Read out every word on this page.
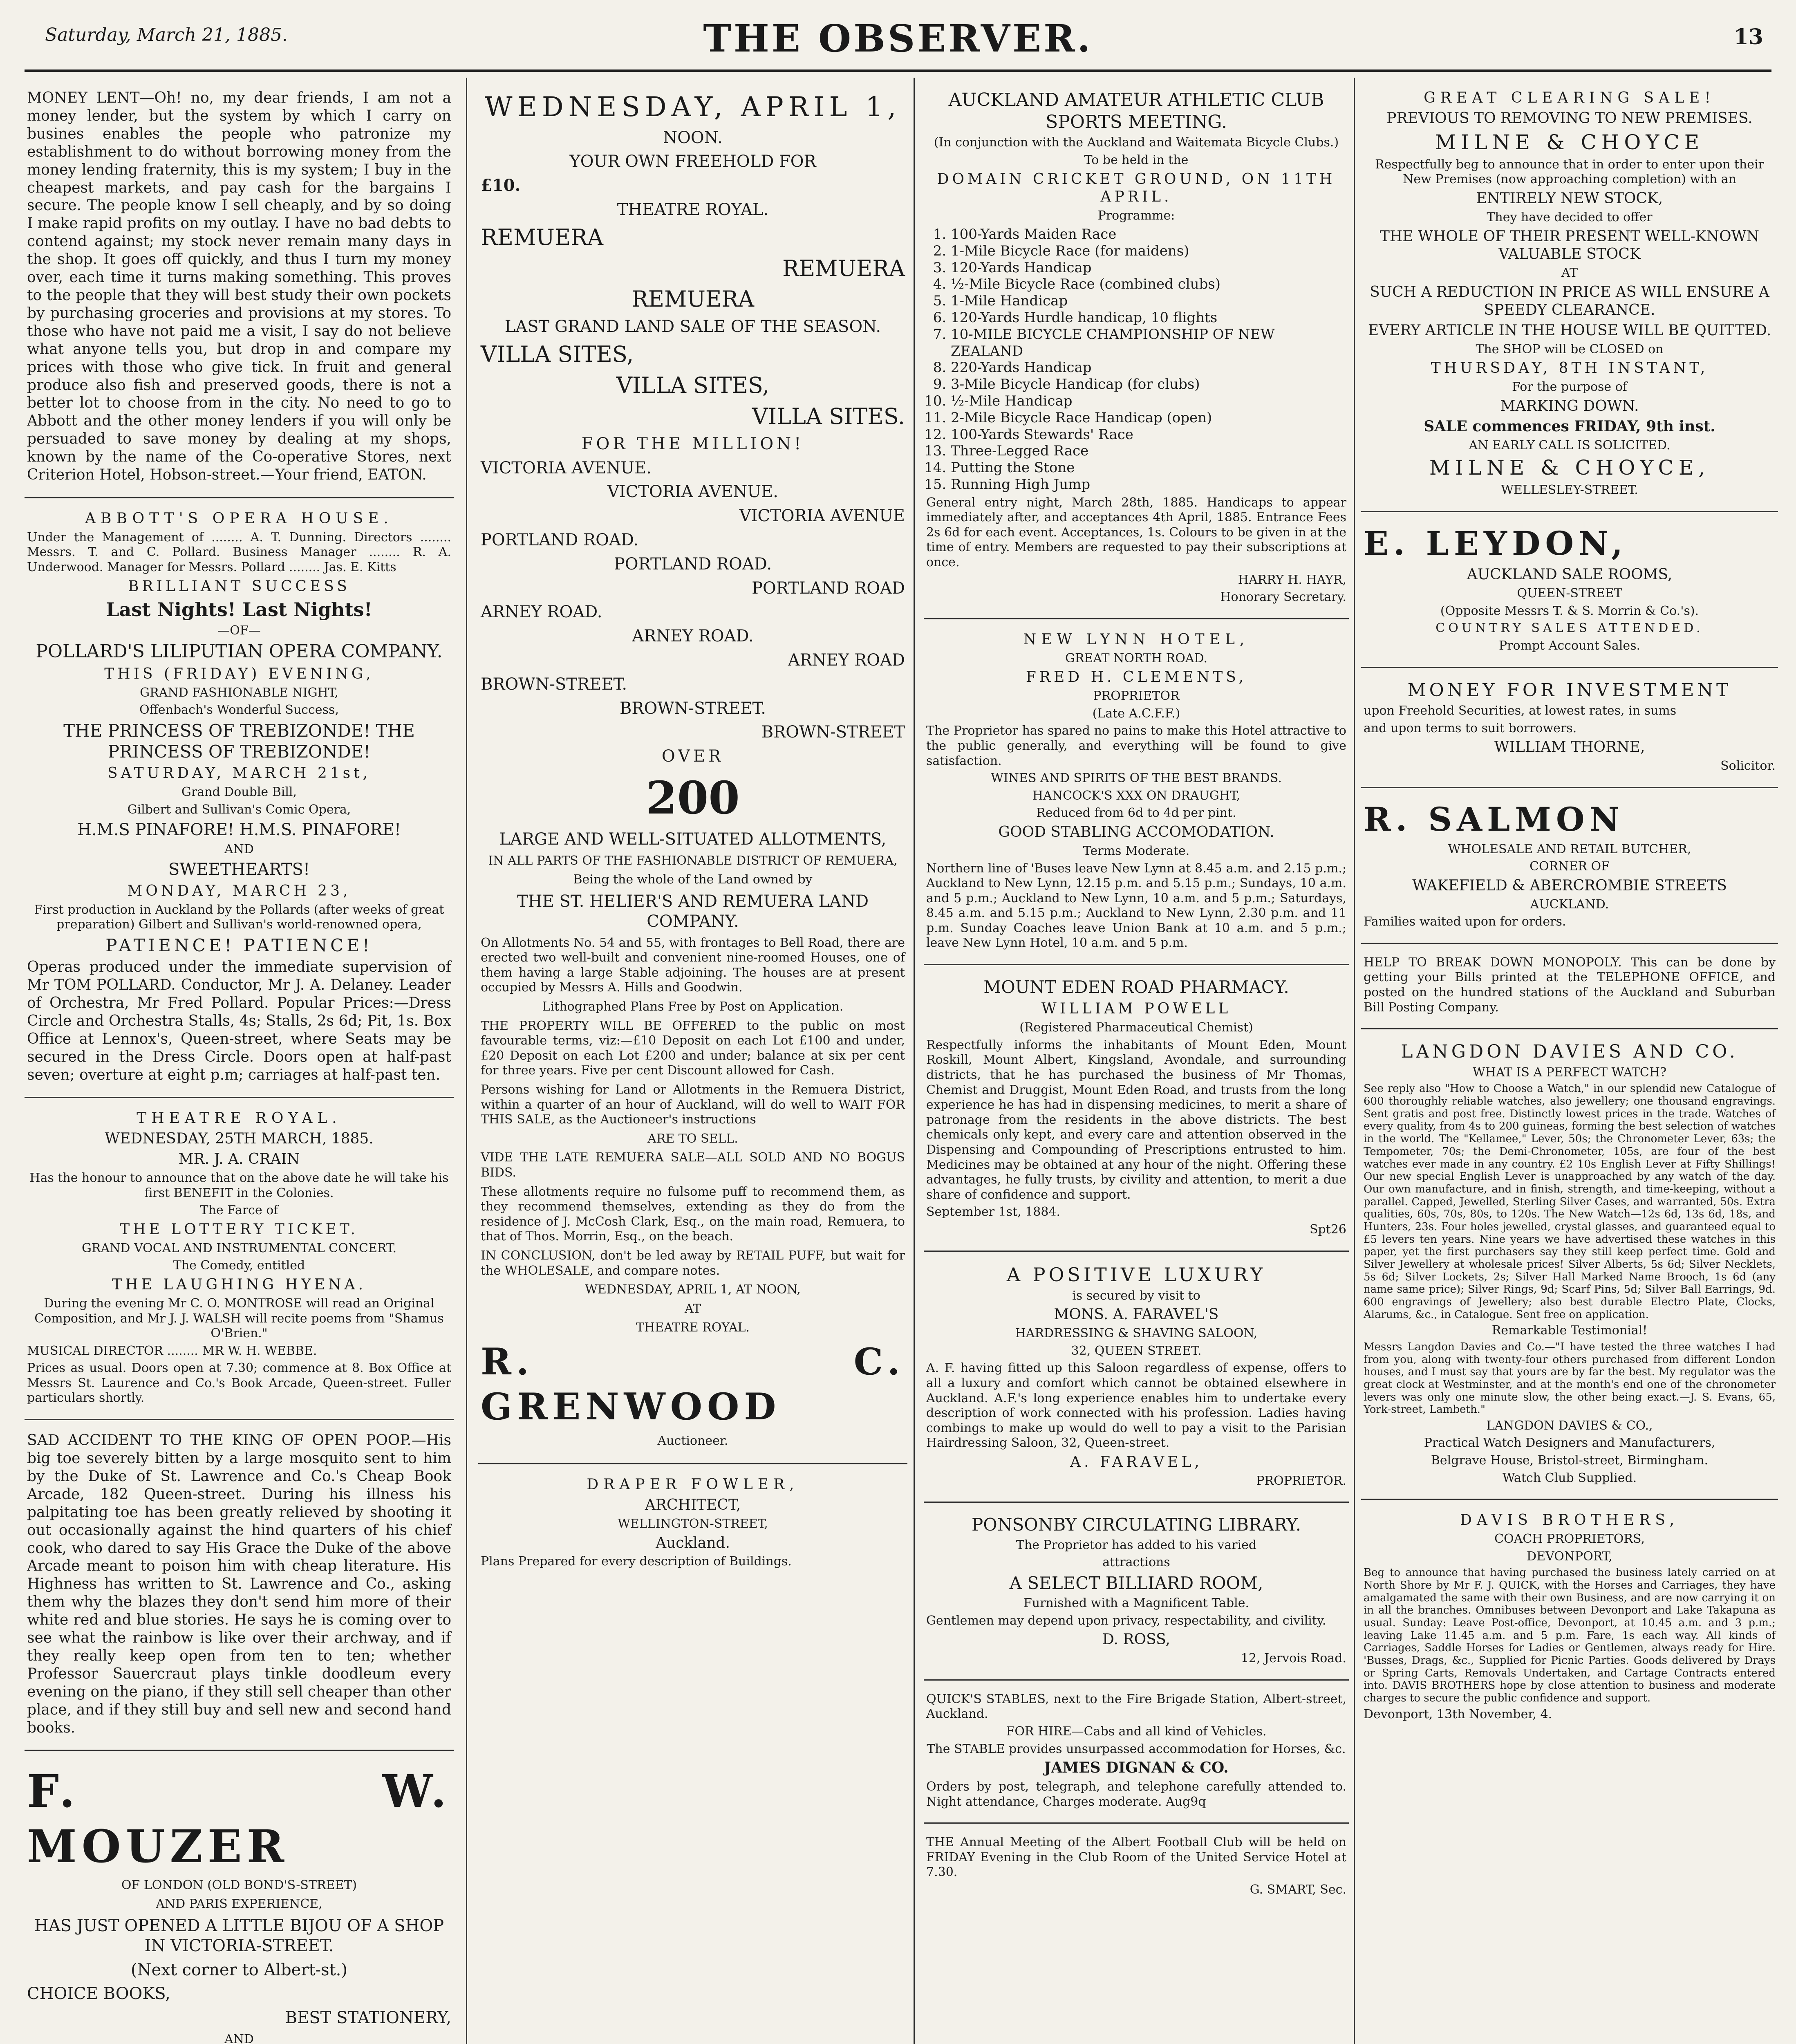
Saturday, March 21, 1885.	THE OBSERVER.	13

MONEY LENT—Oh! no, my dear friends, I am not a money lender, but the system by which I carry on busines enables the people who patronize my establishment to do without borrowing money from the money lending fraternity, this is my system; I buy in the cheapest markets, and pay cash for the bargains I secure. The people know I sell cheaply, and by so doing I make rapid profits on my outlay. I have no bad debts to contend against; my stock never remain many days in the shop. It goes off quickly, and thus I turn my money over, each time it turns making something. This proves to the people that they will best study their own pockets by purchasing groceries and provisions at my stores. To those who have not paid me a visit, I say do not believe what anyone tells you, but drop in and compare my prices with those who give tick. In fruit and general produce also fish and preserved goods, there is not a better lot to choose from in the city. No need to go to Abbott and the other money lenders if you will only be persuaded to save money by dealing at my shops, known by the name of the Co-operative Stores, next Criterion Hotel, Hobson-street.—Your friend, EATON.

ABBOTT'S OPERA HOUSE.

Under the Management of ........ A. T. Dunning. Directors ........ Messrs. T. and C. Pollard. Business Manager ........ R. A. Underwood. Manager for Messrs. Pollard ........ Jas. E. Kitts

BRILLIANT SUCCESS

Last Nights! Last Nights!

—OF—

POLLARD'S LILIPUTIAN OPERA COMPANY.

THIS (FRIDAY) EVENING,

GRAND FASHIONABLE NIGHT,

Offenbach's Wonderful Success,

THE PRINCESS OF TREBIZONDE! THE PRINCESS OF TREBIZONDE!

SATURDAY, MARCH 21st,

Grand Double Bill,

Gilbert and Sullivan's Comic Opera,

H.M.S PINAFORE! H.M.S. PINAFORE!

AND

SWEETHEARTS!

MONDAY, MARCH 23,

First production in Auckland by the Pollards (after weeks of great preparation) Gilbert and Sullivan's world-renowned opera,

PATIENCE! PATIENCE!

Operas produced under the immediate supervision of Mr TOM POLLARD. Conductor, Mr J. A. Delaney. Leader of Orchestra, Mr Fred Pollard. Popular Prices:—Dress Circle and Orchestra Stalls, 4s; Stalls, 2s 6d; Pit, 1s. Box Office at Lennox's, Queen-street, where Seats may be secured in the Dress Circle. Doors open at half-past seven; overture at eight p.m; carriages at half-past ten.

THEATRE ROYAL.

WEDNESDAY, 25TH MARCH, 1885.

MR. J. A. CRAIN

Has the honour to announce that on the above date he will take his first BENEFIT in the Colonies.

The Farce of

THE LOTTERY TICKET.

GRAND VOCAL AND INSTRUMENTAL CONCERT.

The Comedy, entitled

THE LAUGHING HYENA.

During the evening Mr C. O. MONTROSE will read an Original Composition, and Mr J. J. WALSH will recite poems from "Shamus O'Brien."

MUSICAL DIRECTOR ........ MR W. H. WEBBE.

Prices as usual. Doors open at 7.30; commence at 8. Box Office at Messrs St. Laurence and Co.'s Book Arcade, Queen-street. Fuller particulars shortly.

SAD ACCIDENT TO THE KING OF OPEN POOP.—His big toe severely bitten by a large mosquito sent to him by the Duke of St. Lawrence and Co.'s Cheap Book Arcade, 182 Queen-street. During his illness his palpitating toe has been greatly relieved by shooting it out occasionally against the hind quarters of his chief cook, who dared to say His Grace the Duke of the above Arcade meant to poison him with cheap literature. His Highness has written to St. Lawrence and Co., asking them why the blazes they don't send him more of their white red and blue stories. He says he is coming over to see what the rainbow is like over their archway, and if they really keep open from ten to ten; whether Professor Sauercraut plays tinkle doodleum every evening on the piano, if they still sell cheaper than other place, and if they still buy and sell new and second hand books.

F. W. MOUZER

OF LONDON (OLD BOND'S-STREET)

AND PARIS EXPERIENCE,

HAS JUST OPENED A LITTLE BIJOU OF A SHOP IN VICTORIA-STREET.

(Next corner to Albert-st.)

CHOICE BOOKS,

BEST STATIONERY,

AND

WEDNESDAY, APRIL 1,

NOON.

YOUR OWN FREEHOLD FOR

£10.

THEATRE ROYAL.

REMUERA

REMUERA

REMUERA

LAST GRAND LAND SALE OF THE SEASON.

VILLA SITES,

VILLA SITES,

VILLA SITES.

FOR THE MILLION!

VICTORIA AVENUE.

VICTORIA AVENUE.

VICTORIA AVENUE

PORTLAND ROAD.

PORTLAND ROAD.

PORTLAND ROAD

ARNEY ROAD.

ARNEY ROAD.

ARNEY ROAD

BROWN-STREET.

BROWN-STREET.

BROWN-STREET

OVER

200

LARGE AND WELL-SITUATED ALLOTMENTS,

IN ALL PARTS OF THE FASHIONABLE DISTRICT OF REMUERA,

Being the whole of the Land owned by

THE ST. HELIER'S AND REMUERA LAND COMPANY.

On Allotments No. 54 and 55, with frontages to Bell Road, there are erected two well-built and convenient nine-roomed Houses, one of them having a large Stable adjoining. The houses are at present occupied by Messrs A. Hills and Goodwin.

Lithographed Plans Free by Post on Application.

THE PROPERTY WILL BE OFFERED to the public on most favourable terms, viz:—£10 Deposit on each Lot £100 and under, £20 Deposit on each Lot £200 and under; balance at six per cent for three years. Five per cent Discount allowed for Cash.

Persons wishing for Land or Allotments in the Remuera District, within a quarter of an hour of Auckland, will do well to WAIT FOR THIS SALE, as the Auctioneer's instructions

ARE TO SELL.

VIDE THE LATE REMUERA SALE—ALL SOLD AND NO BOGUS BIDS.

These allotments require no fulsome puff to recommend them, as they recommend themselves, extending as they do from the residence of J. McCosh Clark, Esq., on the main road, Remuera, to that of Thos. Morrin, Esq., on the beach.

IN CONCLUSION, don't be led away by RETAIL PUFF, but wait for the WHOLESALE, and compare notes.

WEDNESDAY, APRIL 1, AT NOON,

AT

THEATRE ROYAL.

R. C. GRENWOOD

Auctioneer.

DRAPER FOWLER,

ARCHITECT,

WELLINGTON-STREET,

Auckland.

Plans Prepared for every description of Buildings.

AUCKLAND AMATEUR ATHLETIC CLUB SPORTS MEETING.

(In conjunction with the Auckland and Waitemata Bicycle Clubs.)

To be held in the

DOMAIN CRICKET GROUND, ON 11TH APRIL.

Programme:

1. 100-Yards Maiden Race
2. 1-Mile Bicycle Race (for maidens)
3. 120-Yards Handicap
4. ½-Mile Bicycle Race (combined clubs)
5. 1-Mile Handicap
6. 120-Yards Hurdle handicap, 10 flights
7. 10-MILE BICYCLE CHAMPIONSHIP OF NEW ZEALAND
8. 220-Yards Handicap
9. 3-Mile Bicycle Handicap (for clubs)
10. ½-Mile Handicap
11. 2-Mile Bicycle Race Handicap (open)
12. 100-Yards Stewards' Race
13. Three-Legged Race
14. Putting the Stone
15. Running High Jump

General entry night, March 28th, 1885. Handicaps to appear immediately after, and acceptances 4th April, 1885. Entrance Fees 2s 6d for each event. Acceptances, 1s. Colours to be given in at the time of entry. Members are requested to pay their subscriptions at once.

HARRY H. HAYR,

Honorary Secretary.

NEW LYNN HOTEL,

GREAT NORTH ROAD.

FRED H. CLEMENTS,

PROPRIETOR

(Late A.C.F.F.)

The Proprietor has spared no pains to make this Hotel attractive to the public generally, and everything will be found to give satisfaction.

WINES AND SPIRITS OF THE BEST BRANDS.

HANCOCK'S XXX ON DRAUGHT,

Reduced from 6d to 4d per pint.

GOOD STABLING ACCOMODATION.

Terms Moderate.

Northern line of 'Buses leave New Lynn at 8.45 a.m. and 2.15 p.m.; Auckland to New Lynn, 12.15 p.m. and 5.15 p.m.; Sundays, 10 a.m. and 5 p.m.; Auckland to New Lynn, 10 a.m. and 5 p.m.; Saturdays, 8.45 a.m. and 5.15 p.m.; Auckland to New Lynn, 2.30 p.m. and 11 p.m. Sunday Coaches leave Union Bank at 10 a.m. and 5 p.m.; leave New Lynn Hotel, 10 a.m. and 5 p.m.

MOUNT EDEN ROAD PHARMACY.

WILLIAM POWELL

(Registered Pharmaceutical Chemist)

Respectfully informs the inhabitants of Mount Eden, Mount Roskill, Mount Albert, Kingsland, Avondale, and surrounding districts, that he has purchased the business of Mr Thomas, Chemist and Druggist, Mount Eden Road, and trusts from the long experience he has had in dispensing medicines, to merit a share of patronage from the residents in the above districts. The best chemicals only kept, and every care and attention observed in the Dispensing and Compounding of Prescriptions entrusted to him. Medicines may be obtained at any hour of the night. Offering these advantages, he fully trusts, by civility and attention, to merit a due share of confidence and support.

September 1st, 1884.

Spt26

A POSITIVE LUXURY

is secured by visit to

MONS. A. FARAVEL'S

HARDRESSING & SHAVING SALOON,

32, QUEEN STREET.

A. F. having fitted up this Saloon regardless of expense, offers to all a luxury and comfort which cannot be obtained elsewhere in Auckland. A.F.'s long experience enables him to undertake every description of work connected with his profession. Ladies having combings to make up would do well to pay a visit to the Parisian Hairdressing Saloon, 32, Queen-street.

A. FARAVEL,

PROPRIETOR.

PONSONBY CIRCULATING LIBRARY.

The Proprietor has added to his varied

attractions

A SELECT BILLIARD ROOM,

Furnished with a Magnificent Table.

Gentlemen may depend upon privacy, respectability, and civility.

D. ROSS,

12, Jervois Road.

QUICK'S STABLES, next to the Fire Brigade Station, Albert-street, Auckland.

FOR HIRE—Cabs and all kind of Vehicles.

The STABLE provides unsurpassed accommodation for Horses, &c.

JAMES DIGNAN & CO.

Orders by post, telegraph, and telephone carefully attended to. Night attendance, Charges moderate. Aug9q

THE Annual Meeting of the Albert Football Club will be held on FRIDAY Evening in the Club Room of the United Service Hotel at 7.30.

G. SMART, Sec.

GREAT CLEARING SALE!

PREVIOUS TO REMOVING TO NEW PREMISES.

MILNE & CHOYCE

Respectfully beg to announce that in order to enter upon their New Premises (now approaching completion) with an

ENTIRELY NEW STOCK,

They have decided to offer

THE WHOLE OF THEIR PRESENT WELL-KNOWN VALUABLE STOCK

AT

SUCH A REDUCTION IN PRICE AS WILL ENSURE A SPEEDY CLEARANCE.

EVERY ARTICLE IN THE HOUSE WILL BE QUITTED.

The SHOP will be CLOSED on

THURSDAY, 8TH INSTANT,

For the purpose of

MARKING DOWN.

SALE commences FRIDAY, 9th inst.

AN EARLY CALL IS SOLICITED.

MILNE & CHOYCE,

WELLESLEY-STREET.

E. LEYDON,

AUCKLAND SALE ROOMS,

QUEEN-STREET

(Opposite Messrs T. & S. Morrin & Co.'s).

COUNTRY SALES ATTENDED.

Prompt Account Sales.

MONEY FOR INVESTMENT

upon Freehold Securities, at lowest rates, in sums

and upon terms to suit borrowers.

WILLIAM THORNE,

Solicitor.

R. SALMON

WHOLESALE AND RETAIL BUTCHER,

CORNER OF

WAKEFIELD & ABERCROMBIE STREETS

AUCKLAND.

Families waited upon for orders.

HELP TO BREAK DOWN MONOPOLY. This can be done by getting your Bills printed at the TELEPHONE OFFICE, and posted on the hundred stations of the Auckland and Suburban Bill Posting Company.

LANGDON DAVIES AND CO.

WHAT IS A PERFECT WATCH?

See reply also "How to Choose a Watch," in our splendid new Catalogue of 600 thoroughly reliable watches, also jewellery; one thousand engravings. Sent gratis and post free. Distinctly lowest prices in the trade. Watches of every quality, from 4s to 200 guineas, forming the best selection of watches in the world. The "Kellamee," Lever, 50s; the Chronometer Lever, 63s; the Tempometer, 70s; the Demi-Chronometer, 105s, are four of the best watches ever made in any country. £2 10s English Lever at Fifty Shillings! Our new special English Lever is unapproached by any watch of the day. Our own manufacture, and in finish, strength, and time-keeping, without a parallel. Capped, Jewelled, Sterling Silver Cases, and warranted, 50s. Extra qualities, 60s, 70s, 80s, to 120s. The New Watch—12s 6d, 13s 6d, 18s, and Hunters, 23s. Four holes jewelled, crystal glasses, and guaranteed equal to £5 levers ten years. Nine years we have advertised these watches in this paper, yet the first purchasers say they still keep perfect time. Gold and Silver Jewellery at wholesale prices! Silver Alberts, 5s 6d; Silver Necklets, 5s 6d; Silver Lockets, 2s; Silver Hall Marked Name Brooch, 1s 6d (any name same price); Silver Rings, 9d; Scarf Pins, 5d; Silver Ball Earrings, 9d. 600 engravings of Jewellery; also best durable Electro Plate, Clocks, Alarums, &c., in Catalogue. Sent free on application.

Remarkable Testimonial!

Messrs Langdon Davies and Co.—"I have tested the three watches I had from you, along with twenty-four others purchased from different London houses, and I must say that yours are by far the best. My regulator was the great clock at Westminster, and at the month's end one of the chronometer levers was only one minute slow, the other being exact.—J. S. Evans, 65, York-street, Lambeth."

LANGDON DAVIES & CO.,

Practical Watch Designers and Manufacturers,

Belgrave House, Bristol-street, Birmingham.

Watch Club Supplied.

DAVIS BROTHERS,

COACH PROPRIETORS,

DEVONPORT,

Beg to announce that having purchased the business lately carried on at North Shore by Mr F. J. QUICK, with the Horses and Carriages, they have amalgamated the same with their own Business, and are now carrying it on in all the branches. Omnibuses between Devonport and Lake Takapuna as usual. Sunday: Leave Post-office, Devonport, at 10.45 a.m. and 3 p.m.; leaving Lake 11.45 a.m. and 5 p.m. Fare, 1s each way. All kinds of Carriages, Saddle Horses for Ladies or Gentlemen, always ready for Hire. 'Busses, Drags, &c., Supplied for Picnic Parties. Goods delivered by Drays or Spring Carts, Removals Undertaken, and Cartage Contracts entered into. DAVIS BROTHERS hope by close attention to business and moderate charges to secure the public confidence and support.

Devonport, 13th November, 4.
